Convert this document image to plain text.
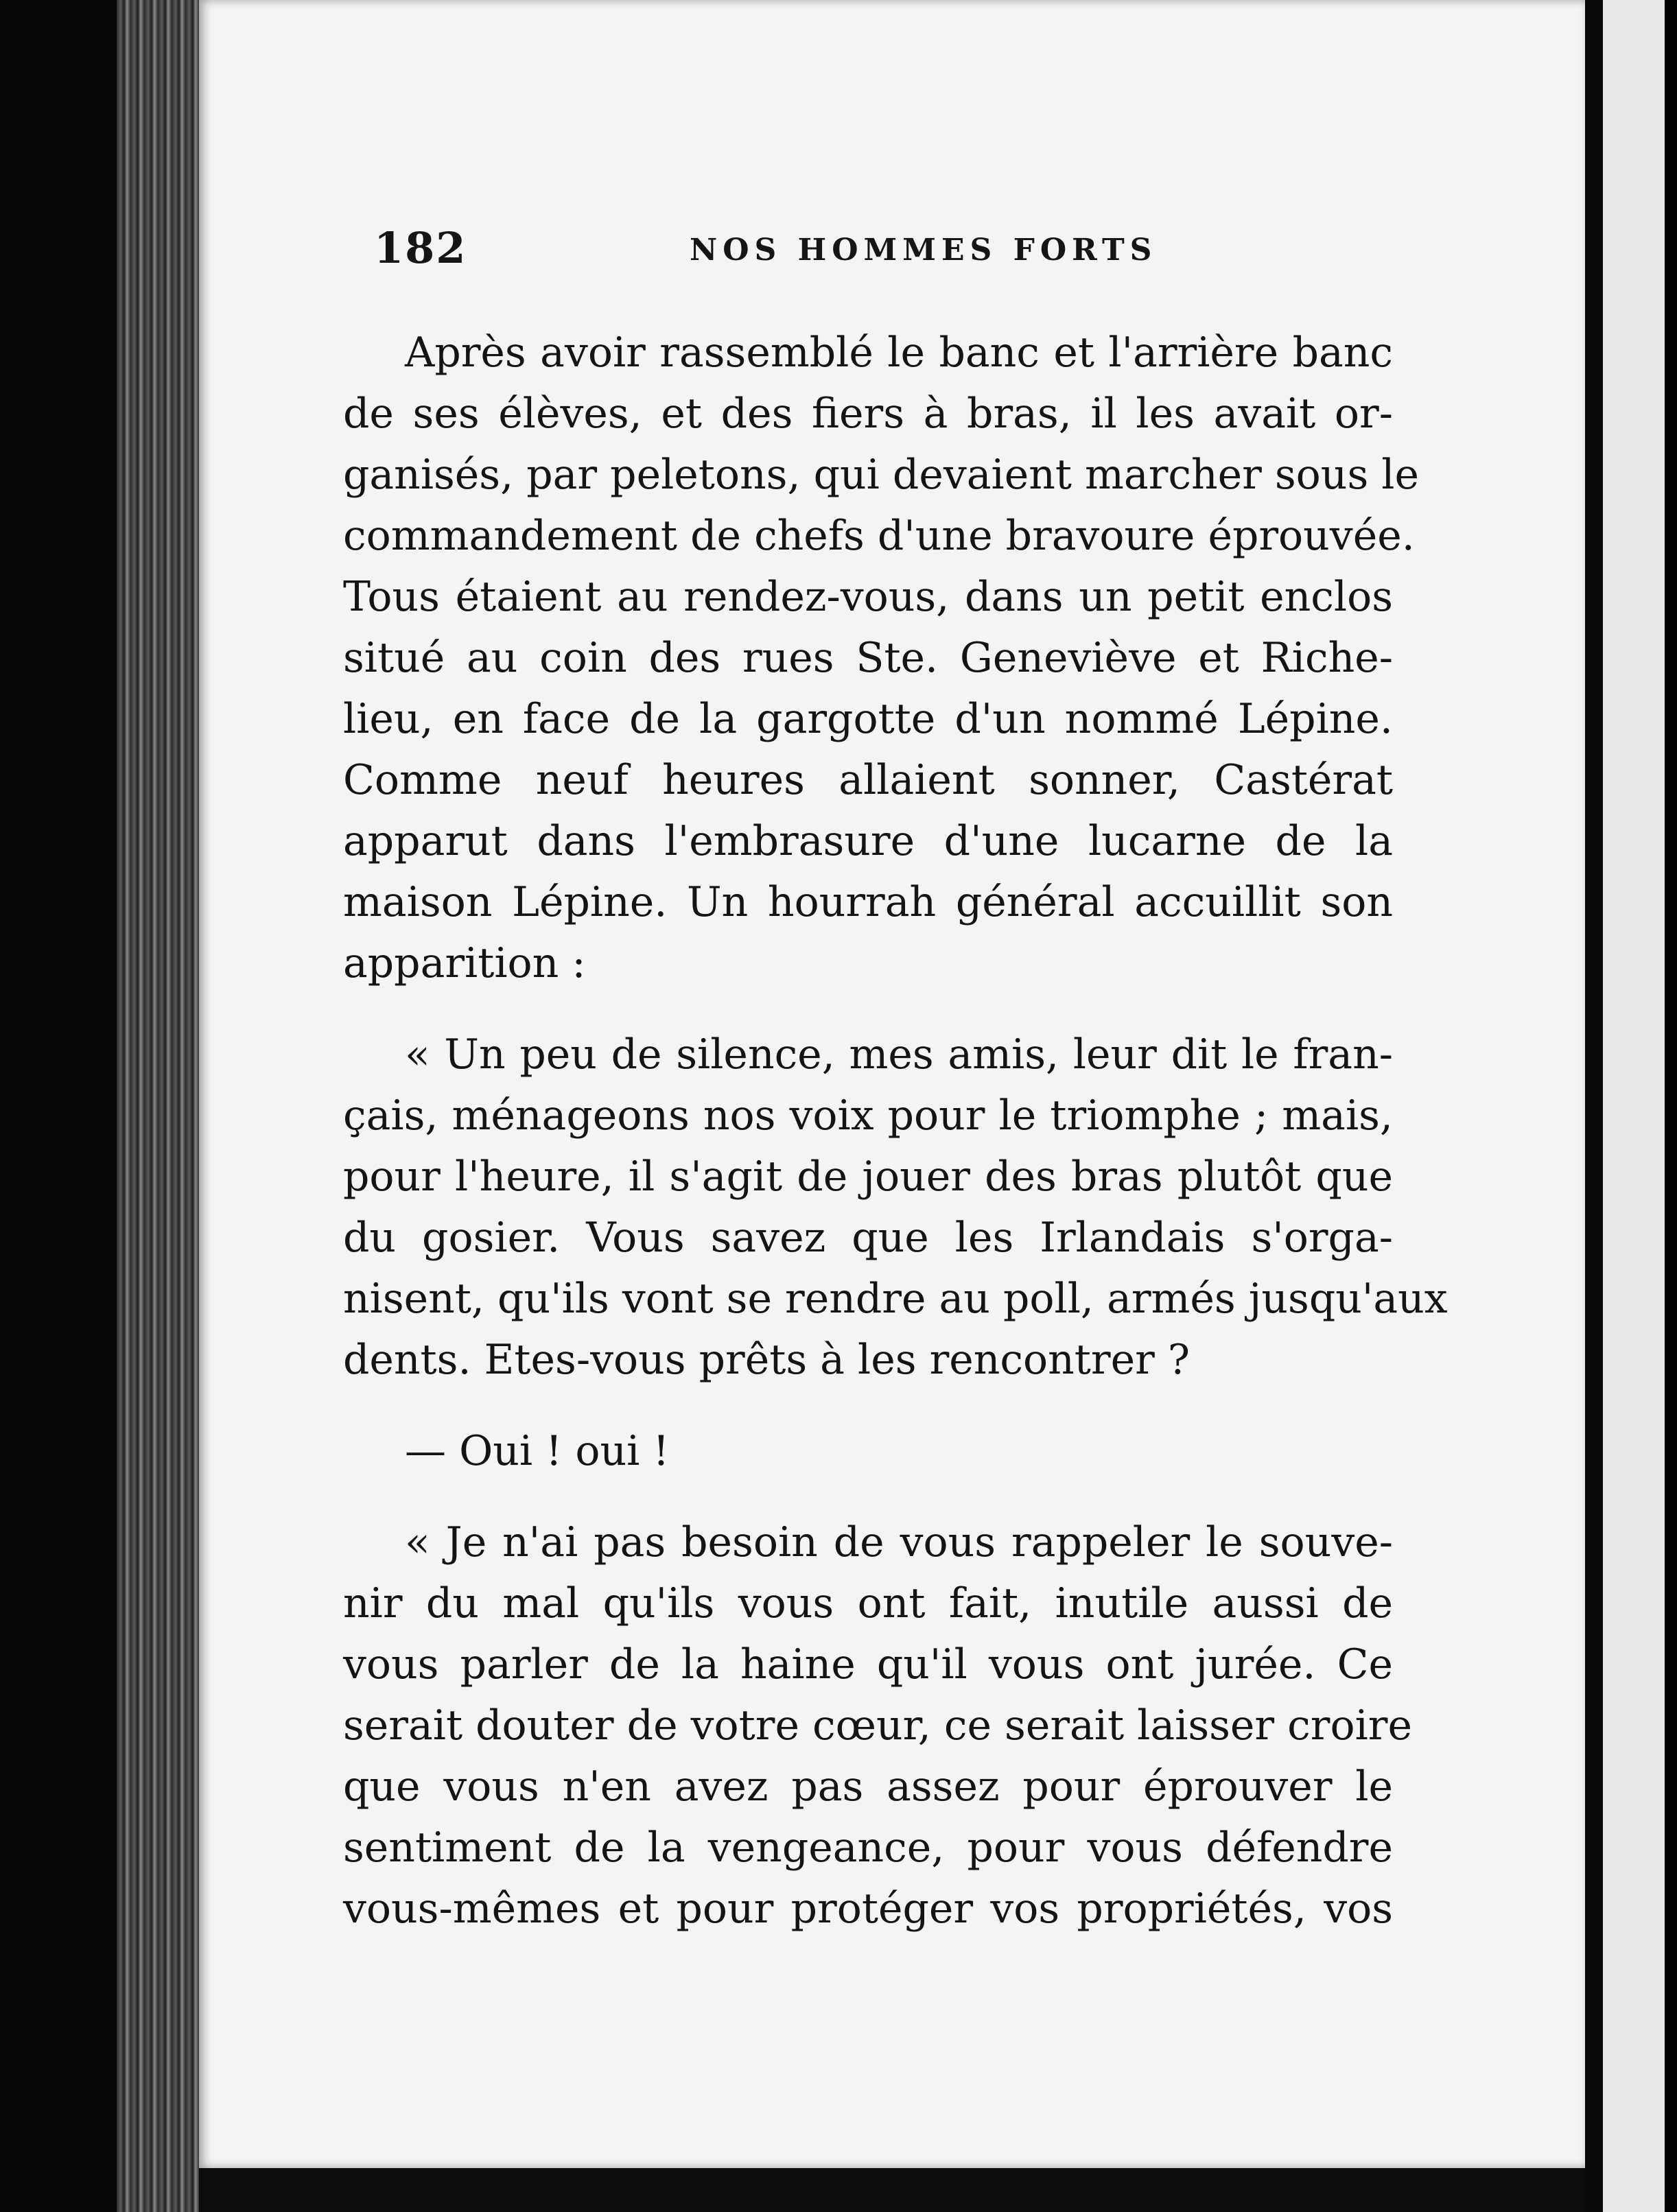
182	NOS HOMMES FORTS
Après avoir rassemblé le banc et l'arrière banc
de ses élèves, et des fiers à bras, il les avait or-
ganisés, par peletons, qui devaient marcher sous le
commandement de chefs d'une bravoure éprouvée.
Tous étaient au rendez-vous, dans un petit enclos
situé au coin des rues Ste. Geneviève et Riche-
lieu, en face de la gargotte d'un nommé Lépine.
Comme neuf heures allaient sonner, Castérat
apparut dans l'embrasure d'une lucarne de la
maison Lépine. Un hourrah général accuillit son
apparition :
« Un peu de silence, mes amis, leur dit le fran-
çais, ménageons nos voix pour le triomphe ; mais,
pour l'heure, il s'agit de jouer des bras plutôt que
du gosier. Vous savez que les Irlandais s'orga-
nisent, qu'ils vont se rendre au poll, armés jusqu'aux
dents. Etes-vous prêts à les rencontrer ?
— Oui ! oui !
« Je n'ai pas besoin de vous rappeler le souve-
nir du mal qu'ils vous ont fait, inutile aussi de
vous parler de la haine qu'il vous ont jurée. Ce
serait douter de votre cœur, ce serait laisser croire
que vous n'en avez pas assez pour éprouver le
sentiment de la vengeance, pour vous défendre
vous-mêmes et pour protéger vos propriétés, vos
